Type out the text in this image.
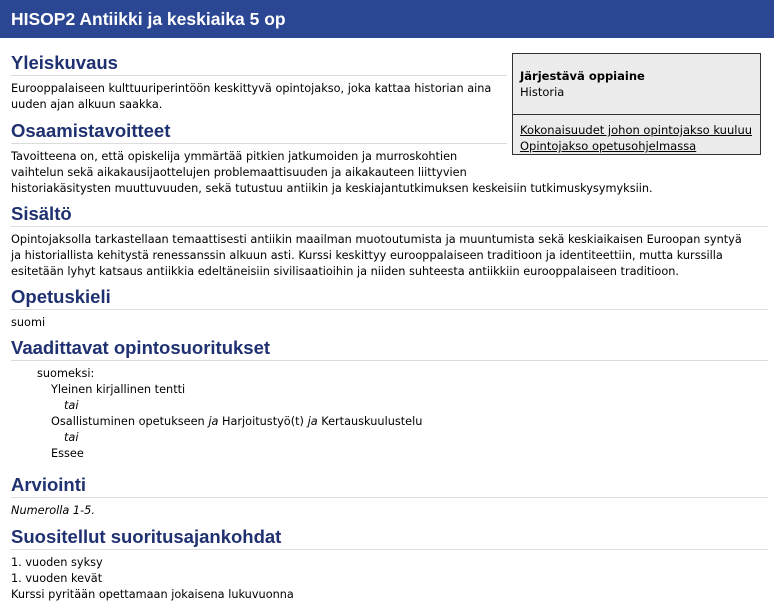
HISOP2 Antiikki ja keskiaika 5 op
Järjestävä oppiaine
Historia
Kokonaisuudet johon opintojakso kuuluu
Opintojakso opetusohjelmassa
Yleiskuvaus
Eurooppalaiseen kulttuuriperintöön keskittyvä opintojakso, joka kattaa historian aina
uuden ajan alkuun saakka.
Osaamistavoitteet
Tavoitteena on, että opiskelija ymmärtää pitkien jatkumoiden ja murroskohtien
vaihtelun sekä aikakausijaottelujen problemaattisuuden ja aikakauteen liittyvien
historiakäsitysten muuttuvuuden, sekä tutustuu antiikin ja keskiajantutkimuksen keskeisiin tutkimuskysymyksiin.
Sisältö
Opintojaksolla tarkastellaan temaattisesti antiikin maailman muotoutumista ja muuntumista sekä keskiaikaisen Euroopan syntyä
ja historiallista kehitystä renessanssin alkuun asti. Kurssi keskittyy eurooppalaiseen traditioon ja identiteettiin, mutta kurssilla
esitetään lyhyt katsaus antiikkia edeltäneisiin sivilisaatioihin ja niiden suhteesta antiikkiin eurooppalaiseen traditioon.
Opetuskieli
suomi
Vaadittavat opintosuoritukset
suomeksi:
Yleinen kirjallinen tentti
tai
Osallistuminen opetukseen ja Harjoitustyö(t) ja Kertauskuulustelu
tai
Essee
Arviointi
Numerolla 1-5.
Suositellut suoritusajankohdat
1. vuoden syksy
1. vuoden kevät
Kurssi pyritään opettamaan jokaisena lukuvuonna
